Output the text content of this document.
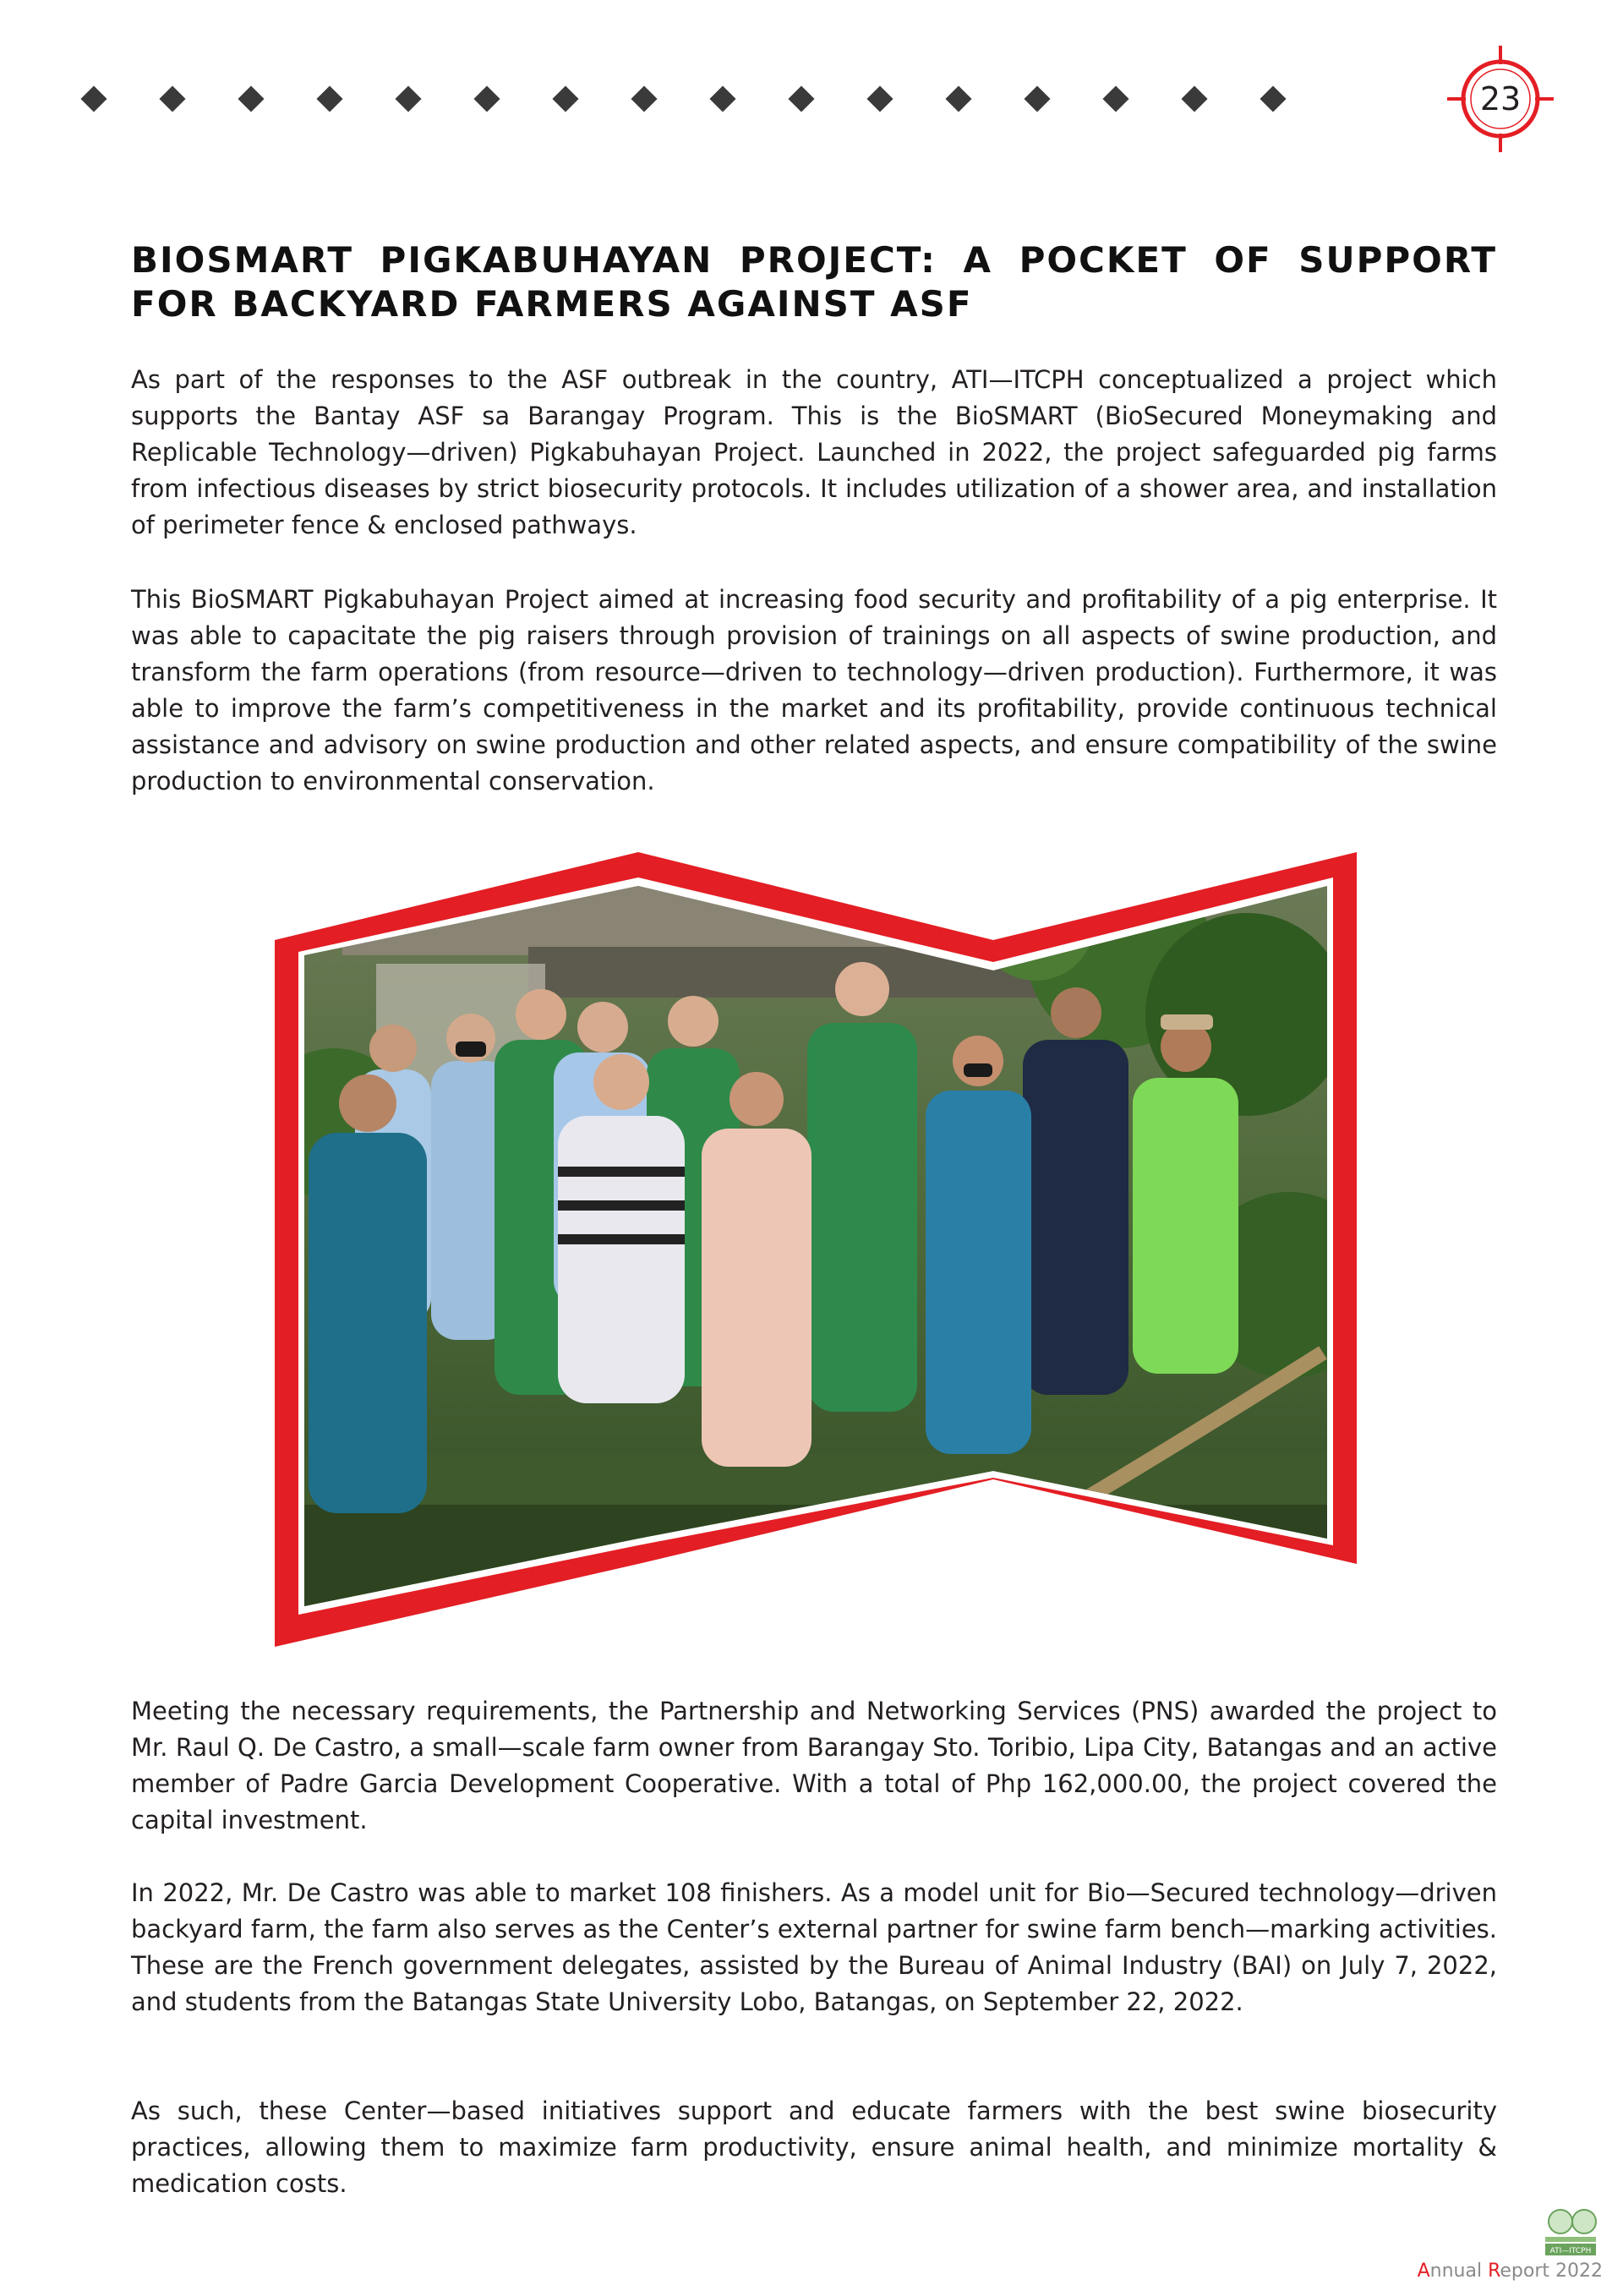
23
BIOSMART PIGKABUHAYAN PROJECT: A POCKET OF SUPPORT FOR BACKYARD FARMERS AGAINST ASF

As part of the responses to the ASF outbreak in the country, ATI—ITCPH conceptualized a project which supports the Bantay ASF sa Barangay Program. This is the BioSMART (BioSecured Moneymaking and Replicable Technology—driven) Pigkabuhayan Project. Launched in 2022, the project safeguarded pig farms from infectious diseases by strict biosecurity protocols. It includes utilization of a shower area, and installation of perimeter fence & enclosed pathways.

This BioSMART Pigkabuhayan Project aimed at increasing food security and profitability of a pig enterprise. It was able to capacitate the pig raisers through provision of trainings on all aspects of swine production, and transform the farm operations (from resource—driven to technology—driven production). Furthermore, it was able to improve the farm’s competitiveness in the market and its profitability, provide continuous technical assistance and advisory on swine production and other related aspects, and ensure compatibility of the swine production to environmental conservation.

Meeting the necessary requirements, the Partnership and Networking Services (PNS) awarded the project to Mr. Raul Q. De Castro, a small—scale farm owner from Barangay Sto. Toribio, Lipa City, Batangas and an active member of Padre Garcia Development Cooperative. With a total of Php 162,000.00, the project covered the capital investment.

In 2022, Mr. De Castro was able to market 108 finishers. As a model unit for Bio—Secured technology—driven backyard farm, the farm also serves as the Center’s external partner for swine farm bench—marking activities. These are the French government delegates, assisted by the Bureau of Animal Industry (BAI) on July 7, 2022, and students from the Batangas State University Lobo, Batangas, on September 22, 2022.

As such, these Center—based initiatives support and educate farmers with the best swine biosecurity practices, allowing them to maximize farm productivity, ensure animal health, and minimize mortality & medication costs.

ATI—ITCPH
Annual Report 2022
